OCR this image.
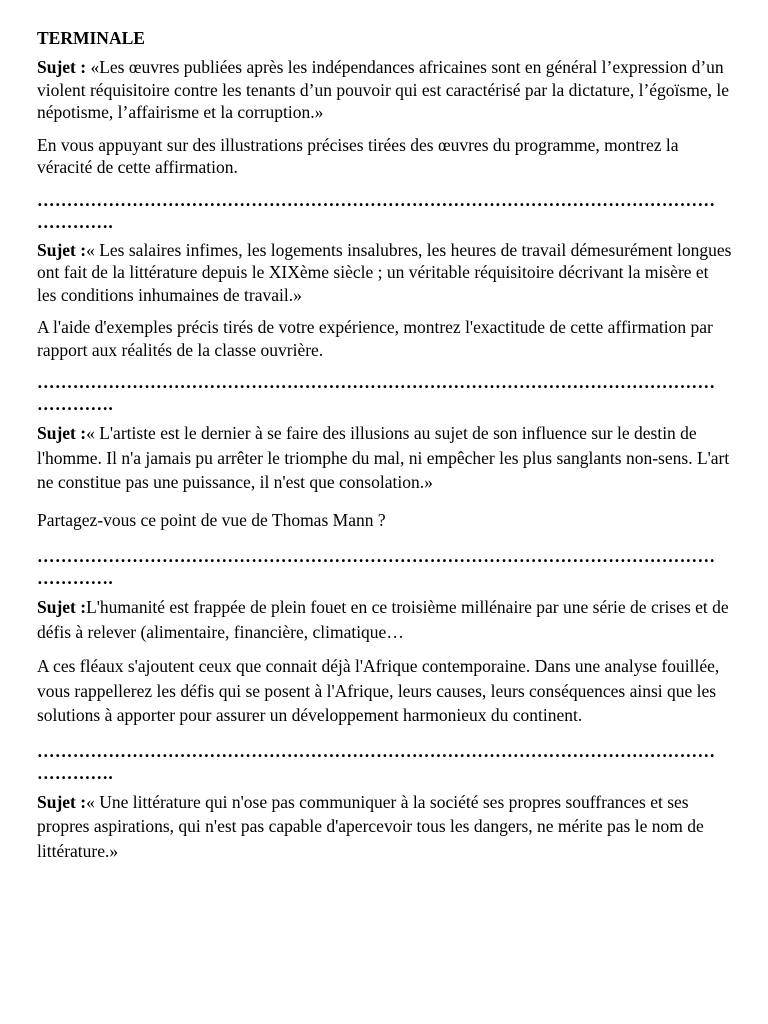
TERMINALE

Sujet : «Les œuvres publiées après les indépendances africaines sont en général l’expression d’un violent réquisitoire contre les tenants d’un pouvoir qui est caractérisé par la dictature, l’égoïsme, le népotisme, l’affairisme et la corruption.»

En vous appuyant sur des illustrations précises tirées des œuvres du programme, montrez la véracité de cette affirmation.

……………………………………………………………………………………………………………….

Sujet :« Les salaires infimes, les logements insalubres, les heures de travail démesurément longues ont fait de la littérature depuis le XIXème siècle ; un véritable réquisitoire décrivant la misère et les conditions inhumaines de travail.»

A l'aide d'exemples précis tirés de votre expérience, montrez l'exactitude de cette affirmation par rapport aux réalités de la classe ouvrière.

……………………………………………………………………………………………………………….

Sujet :« L'artiste est le dernier à se faire des illusions au sujet de son influence sur le destin de l'homme. Il n'a jamais pu arrêter le triomphe du mal, ni empêcher les plus sanglants non-sens. L'art ne constitue pas une puissance, il n'est que consolation.»

Partagez-vous ce point de vue de Thomas Mann ?

……………………………………………………………………………………………………………….

Sujet :L'humanité est frappée de plein fouet en ce troisième millénaire par une série de crises et de défis à relever (alimentaire, financière, climatique…

A ces fléaux s'ajoutent ceux que connait déjà l'Afrique contemporaine. Dans une analyse fouillée, vous rappellerez les défis qui se posent à l'Afrique, leurs causes, leurs conséquences ainsi que les solutions à apporter pour assurer un développement harmonieux du continent.

……………………………………………………………………………………………………………….

Sujet :« Une littérature qui n'ose pas communiquer à la société ses propres souffrances et ses propres aspirations, qui n'est pas capable d'apercevoir tous les dangers, ne mérite pas le nom de littérature.»
